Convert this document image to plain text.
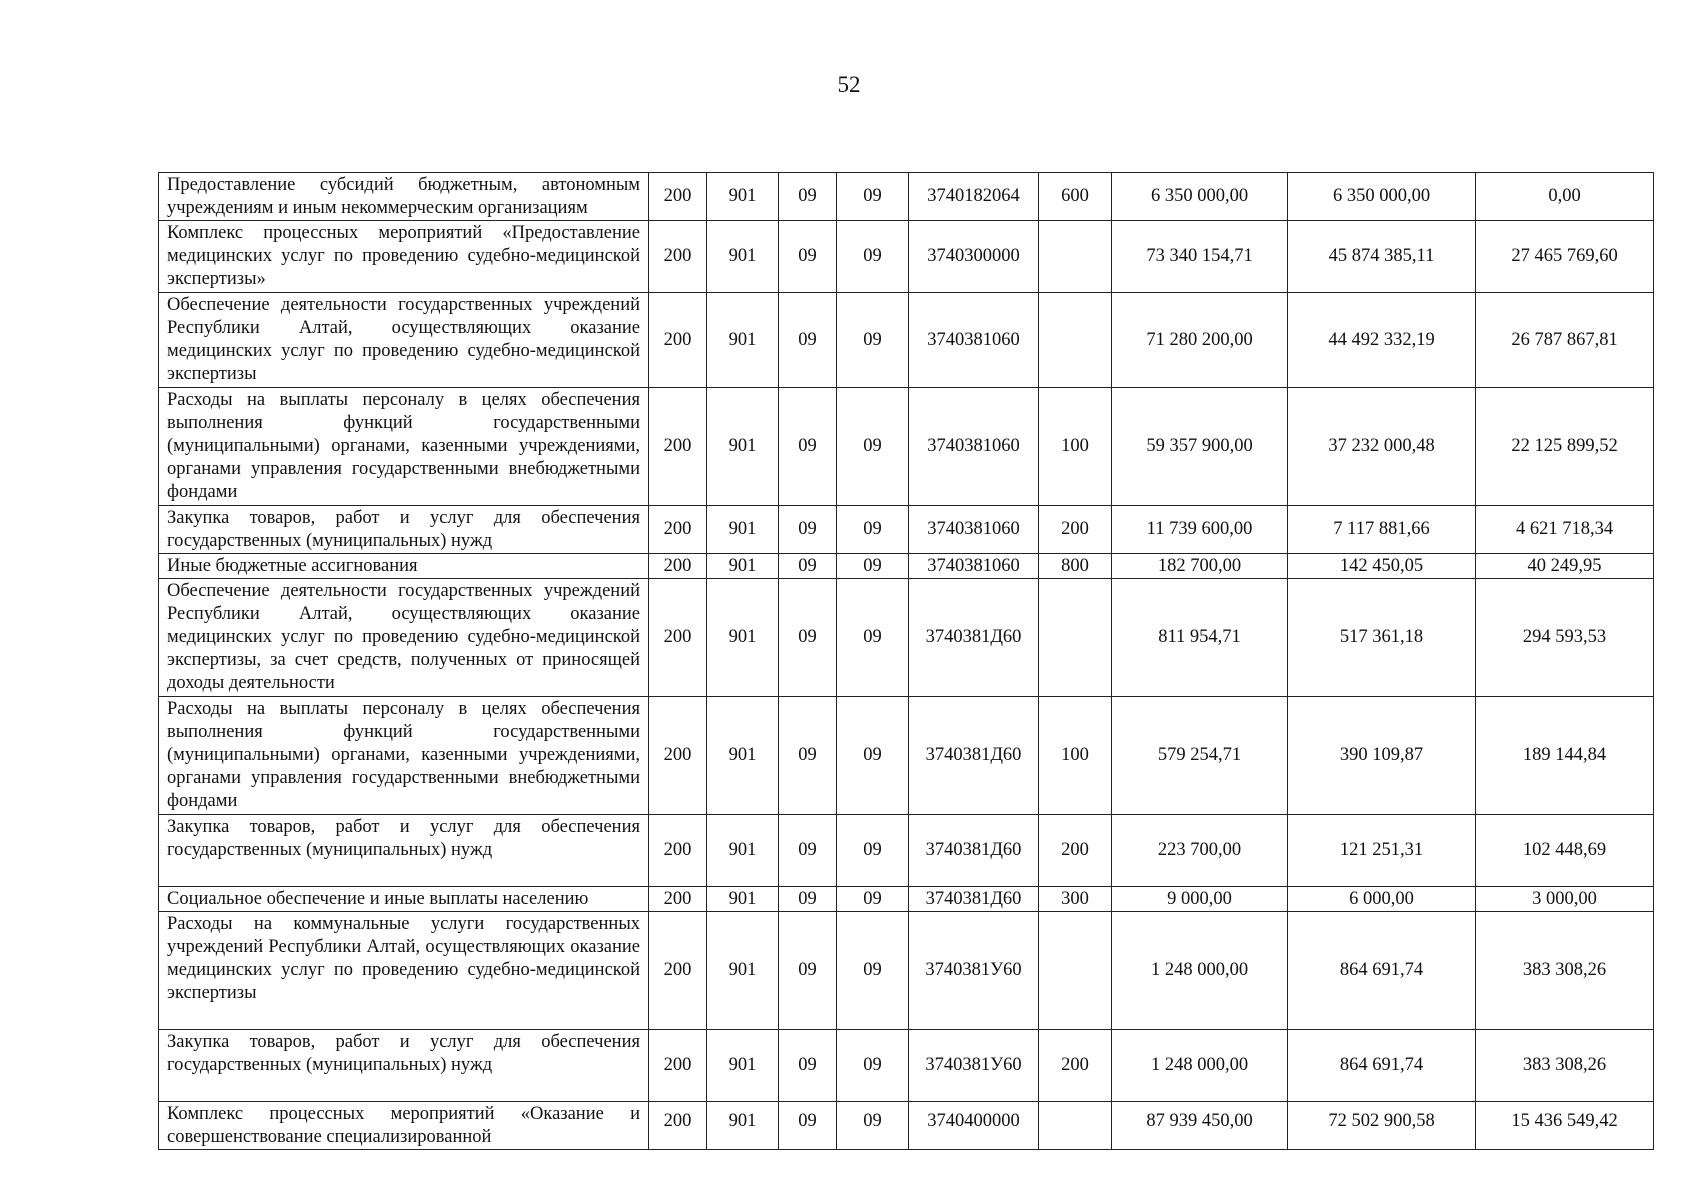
52
Предоставление субсидий бюджетным, автономным учреждениям и иным некоммерческим организациям	200	901	09	09	3740182064	600	6 350 000,00	6 350 000,00	0,00
Комплекс процессных мероприятий «Предоставление медицинских услуг по проведению судебно-медицинской экспертизы»	200	901	09	09	3740300000		73 340 154,71	45 874 385,11	27 465 769,60
Обеспечение деятельности государственных учреждений Республики Алтай, осуществляющих оказание медицинских услуг по проведению судебно-медицинской экспертизы	200	901	09	09	3740381060		71 280 200,00	44 492 332,19	26 787 867,81
Расходы на выплаты персоналу в целях обеспечения выполнения функций государственными (муниципальными) органами, казенными учреждениями, органами управления государственными внебюджетными фондами	200	901	09	09	3740381060	100	59 357 900,00	37 232 000,48	22 125 899,52
Закупка товаров, работ и услуг для обеспечения государственных (муниципальных) нужд	200	901	09	09	3740381060	200	11 739 600,00	7 117 881,66	4 621 718,34
Иные бюджетные ассигнования	200	901	09	09	3740381060	800	182 700,00	142 450,05	40 249,95
Обеспечение деятельности государственных учреждений Республики Алтай, осуществляющих оказание медицинских услуг по проведению судебно-медицинской экспертизы, за счет средств, полученных от приносящей доходы деятельности	200	901	09	09	3740381Д60		811 954,71	517 361,18	294 593,53
Расходы на выплаты персоналу в целях обеспечения выполнения функций государственными (муниципальными) органами, казенными учреждениями, органами управления государственными внебюджетными фондами	200	901	09	09	3740381Д60	100	579 254,71	390 109,87	189 144,84
Закупка товаров, работ и услуг для обеспечения государственных (муниципальных) нужд	200	901	09	09	3740381Д60	200	223 700,00	121 251,31	102 448,69
Социальное обеспечение и иные выплаты населению	200	901	09	09	3740381Д60	300	9 000,00	6 000,00	3 000,00
Расходы на коммунальные услуги государственных учреждений Республики Алтай, осуществляющих оказание медицинских услуг по проведению судебно-медицинской экспертизы	200	901	09	09	3740381У60		1 248 000,00	864 691,74	383 308,26
Закупка товаров, работ и услуг для обеспечения государственных (муниципальных) нужд	200	901	09	09	3740381У60	200	1 248 000,00	864 691,74	383 308,26
Комплекс процессных мероприятий «Оказание и совершенствование специализированной	200	901	09	09	3740400000		87 939 450,00	72 502 900,58	15 436 549,42
